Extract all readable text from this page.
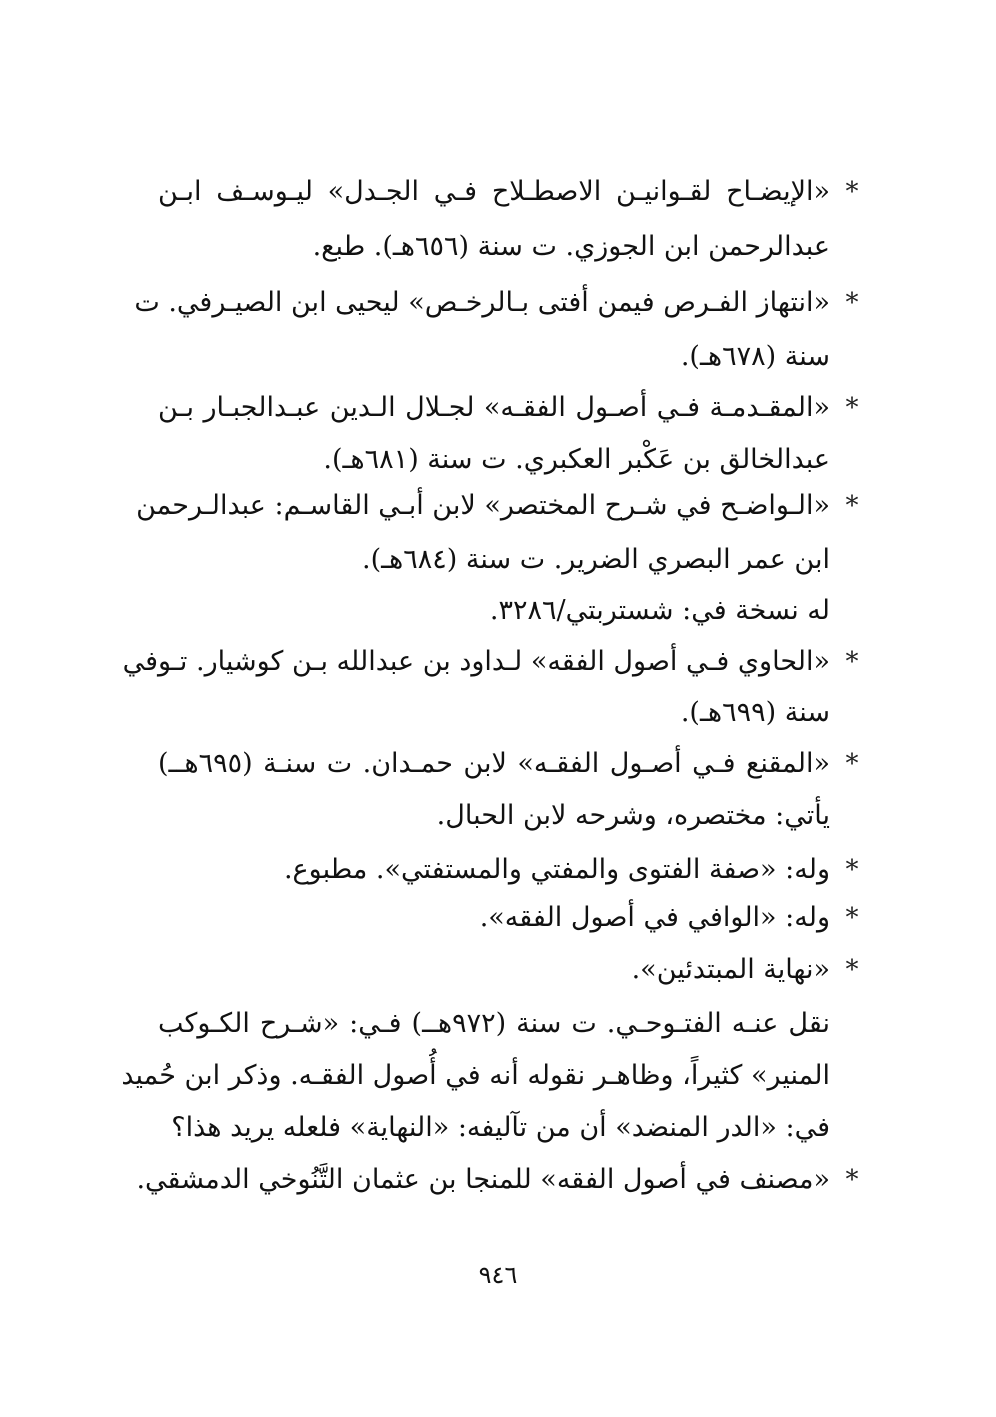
*
«الإيضـاح لقـوانيـن الاصطـلاح فـي الجـدل» ليـوسـف ابـن
عبدالرحمن ابن الجوزي. ت سنة (٦٥٦هـ). طبع.
*
«انتهاز الفـرص فيمن أفتى بـالرخـص» ليحيى ابن الصيـرفي. ت
سنة (٦٧٨هـ).
*
«المقـدمـة فـي أصـول الفقـه» لجـلال الـدين عبـدالجبـار بـن
عبدالخالق بن عَكْبر العكبري. ت سنة (٦٨١هـ).
*
«الـواضـح في شـرح المختصر» لابن أبـي القاسـم: عبدالـرحمن
ابن عمر البصري الضرير. ت سنة (٦٨٤هـ).
له نسخة في: شستربتي/٣٢٨٦.
*
«الحاوي فـي أصول الفقه» لـداود بن عبدالله بـن كوشيار. تـوفي
سنة (٦٩٩هـ).
*
«المقنع فـي أصـول الفقـه» لابن حمـدان. ت سنـة (٦٩٥هــ)
يأتي: مختصره، وشرحه لابن الحبال.
*
وله: «صفة الفتوى والمفتي والمستفتي». مطبوع.
*
وله: «الوافي في أصول الفقه».
*
«نهاية المبتدئين».
نقل عنـه الفتـوحـي. ت سنة (٩٧٢هــ) فـي: «شـرح الكـوكب
المنير» كثيراً، وظاهـر نقوله أنه في أُصول الفقـه. وذكر ابن حُميد
في: «الدر المنضد» أن من تآليفه: «النهاية» فلعله يريد هذا؟
*
«مصنف في أصول الفقه» للمنجا بن عثمان التَّنُوخي الدمشقي.
٩٤٦
